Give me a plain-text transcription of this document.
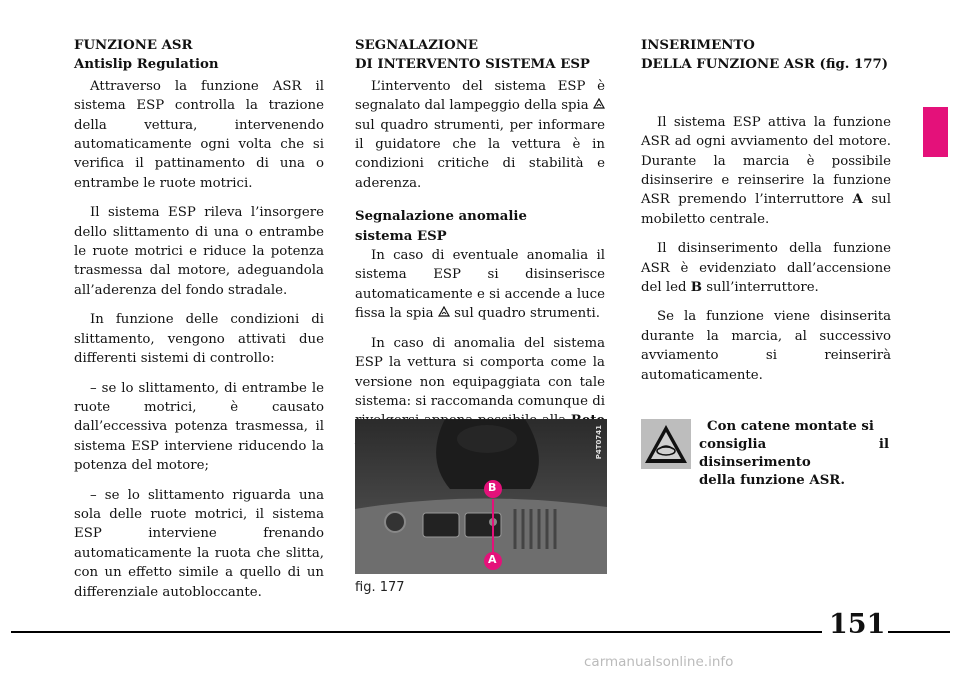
FUNZIONE ASR
Antislip Regulation

Attraverso la funzione ASR il sistema ESP controlla la trazione della vettura, intervenendo automaticamente ogni volta che si verifica il pattinamento di una o entrambe le ruote motrici.

Il sistema ESP rileva l’insorgere dello slittamento di una o entrambe le ruote motrici e riduce la potenza trasmessa dal motore, adeguandola all’aderenza del fondo stradale.

In funzione delle condizioni di slittamento, vengono attivati due differenti sistemi di controllo:

– se lo slittamento, di entrambe le ruote motrici, è causato dall’eccessiva potenza trasmessa, il sistema ESP interviene riducendo la potenza del motore;

– se lo slittamento riguarda una sola delle ruote motrici, il sistema ESP interviene frenando automaticamente la ruota che slitta, con un effetto simile a quello di un differenziale autobloccante.

SEGNALAZIONE
DI INTERVENTO SISTEMA ESP

L’intervento del sistema ESP è segnalato dal lampeggio della spia  sul quadro strumenti, per informare il guidatore che la vettura è in condizioni critiche di stabilità e aderenza.

Segnalazione anomalie
sistema ESP

In caso di eventuale anomalia il sistema ESP si disinserisce automaticamente e si accende a luce fissa la spia sul quadro strumenti.

In caso di anomalia del sistema ESP la vettura si comporta come la versione non equipaggiata con tale sistema: si raccomanda comunque di

INSERIMENTO
DELLA FUNZIONE ASR (fig. 177)

Il sistema ESP attiva la funzione ASR ad ogni avviamento del motore. Durante la marcia è possibile disinserire e reinserire la funzione ASR premendo l’interruttore A sul mobiletto centrale.

Il disinserimento della funzione ASR è evidenziato dall’accensione del led B sull’interruttore.

Se la funzione viene disinserita durante la marcia, al successivo avviamento si reinserirà automaticamente.

B
A
P4T0741
fig. 177
Con catene montate si
consiglia il disinserimento
della funzione ASR.
151
carmanualsonline.info
